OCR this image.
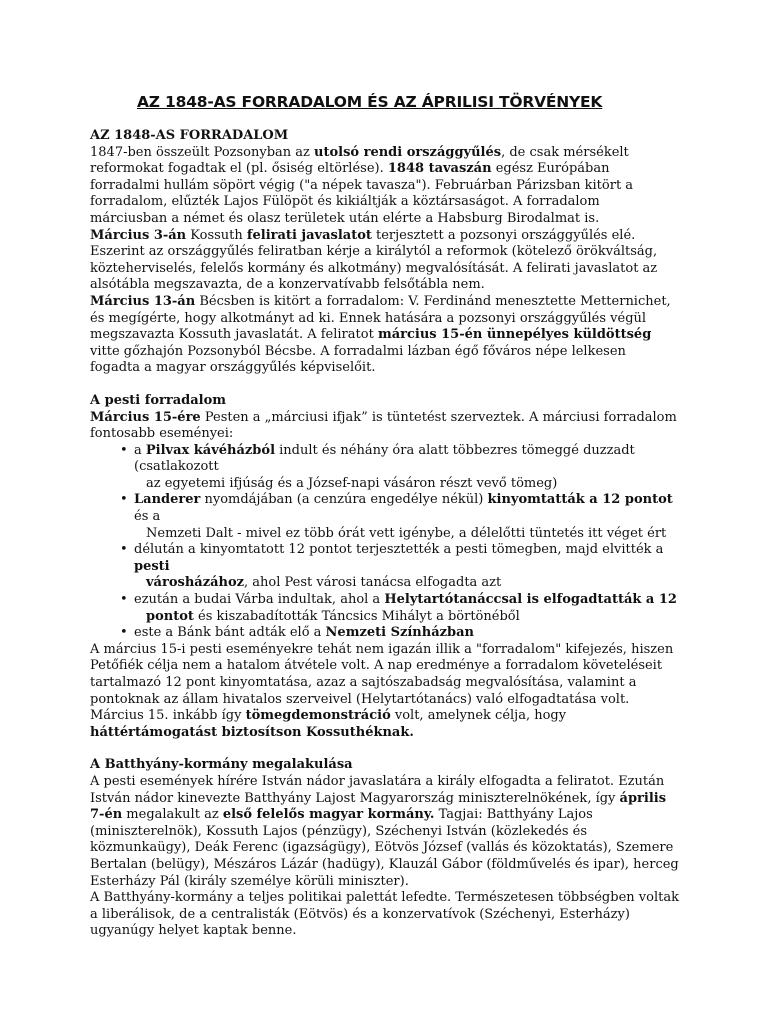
AZ 1848-AS FORRADALOM ÉS AZ ÁPRILISI TÖRVÉNYEK

AZ 1848-AS FORRADALOM

1847-ben összeült Pozsonyban az utolsó rendi országgyűlés, de csak mérsékelt reformokat fogadtak el (pl. ősiség eltörlése). 1848 tavaszán egész Európában forradalmi hullám söpört végig ("a népek tavasza"). Februárban Párizsban kitört a forradalom, elűzték Lajos Fülöpöt és kikiáltják a köztársaságot. A forradalom márciusban a német és olasz területek után elérte a Habsburg Birodalmat is.

Március 3-án Kossuth felirati javaslatot terjesztett a pozsonyi országgyűlés elé. Eszerint az országgyűlés feliratban kérje a királytól a reformok (kötelező örökváltság, közteherviselés, felelős kormány és alkotmány) megvalósítását. A felirati javaslatot az alsótábla megszavazta, de a konzervatívabb felsőtábla nem.

Március 13-án Bécsben is kitört a forradalom: V. Ferdinánd menesztette Metternichet, és megígérte, hogy alkotmányt ad ki. Ennek hatására a pozsonyi országgyűlés végül megszavazta Kossuth javaslatát. A feliratot március 15-én ünnepélyes küldöttség vitte gőzhajón Pozsonyból Bécsbe. A forradalmi lázban égő főváros népe lelkesen fogadta a magyar országgyűlés képviselőit.

A pesti forradalom

Március 15-ére Pesten a „márciusi ifjak” is tüntetést szerveztek. A márciusi forradalom fontosabb eseményei:

• a Pilvax kávéházból indult és néhány óra alatt többezres tömeggé duzzadt (csatlakozott
az egyetemi ifjúság és a József-napi vásáron részt vevő tömeg)
• Landerer nyomdájában (a cenzúra engedélye nékül) kinyomtatták a 12 pontot és a
Nemzeti Dalt - mivel ez több órát vett igénybe, a délelőtti tüntetés itt véget ért
• délután a kinyomtatott 12 pontot terjesztették a pesti tömegben, majd elvitték a pesti
városházához, ahol Pest városi tanácsa elfogadta azt
• ezután a budai Várba indultak, ahol a Helytartótanáccsal is elfogadtatták a 12
pontot és kiszabadították Táncsics Mihályt a börtönéből
• este a Bánk bánt adták elő a Nemzeti Színházban

A március 15-i pesti eseményekre tehát nem igazán illik a "forradalom" kifejezés, hiszen Petőfiék célja nem a hatalom átvétele volt. A nap eredménye a forradalom követeléseit tartalmazó 12 pont kinyomtatása, azaz a sajtószabadság megvalósítása, valamint a pontoknak az állam hivatalos szerveivel (Helytartótanács) való elfogadtatása volt. Március 15. inkább így tömegdemonstráció volt, amelynek célja, hogy háttértámogatást biztosítson Kossuthéknak.

A Batthyány-kormány megalakulása

A pesti események hírére István nádor javaslatára a király elfogadta a feliratot. Ezután István nádor kinevezte Batthyány Lajost Magyarország miniszterelnökének, így április 7-én megalakult az első felelős magyar kormány. Tagjai: Batthyány Lajos (miniszterelnök), Kossuth Lajos (pénzügy), Széchenyi István (közlekedés és közmunkaügy), Deák Ferenc (igazságügy), Eötvös József (vallás és közoktatás), Szemere Bertalan (belügy), Mészáros Lázár (hadügy), Klauzál Gábor (földművelés és ipar), herceg Esterházy Pál (király személye körüli miniszter).

A Batthyány-kormány a teljes politikai palettát lefedte. Természetesen többségben voltak a liberálisok, de a centralisták (Eötvös) és a konzervatívok (Széchenyi, Esterházy) ugyanúgy helyet kaptak benne.
